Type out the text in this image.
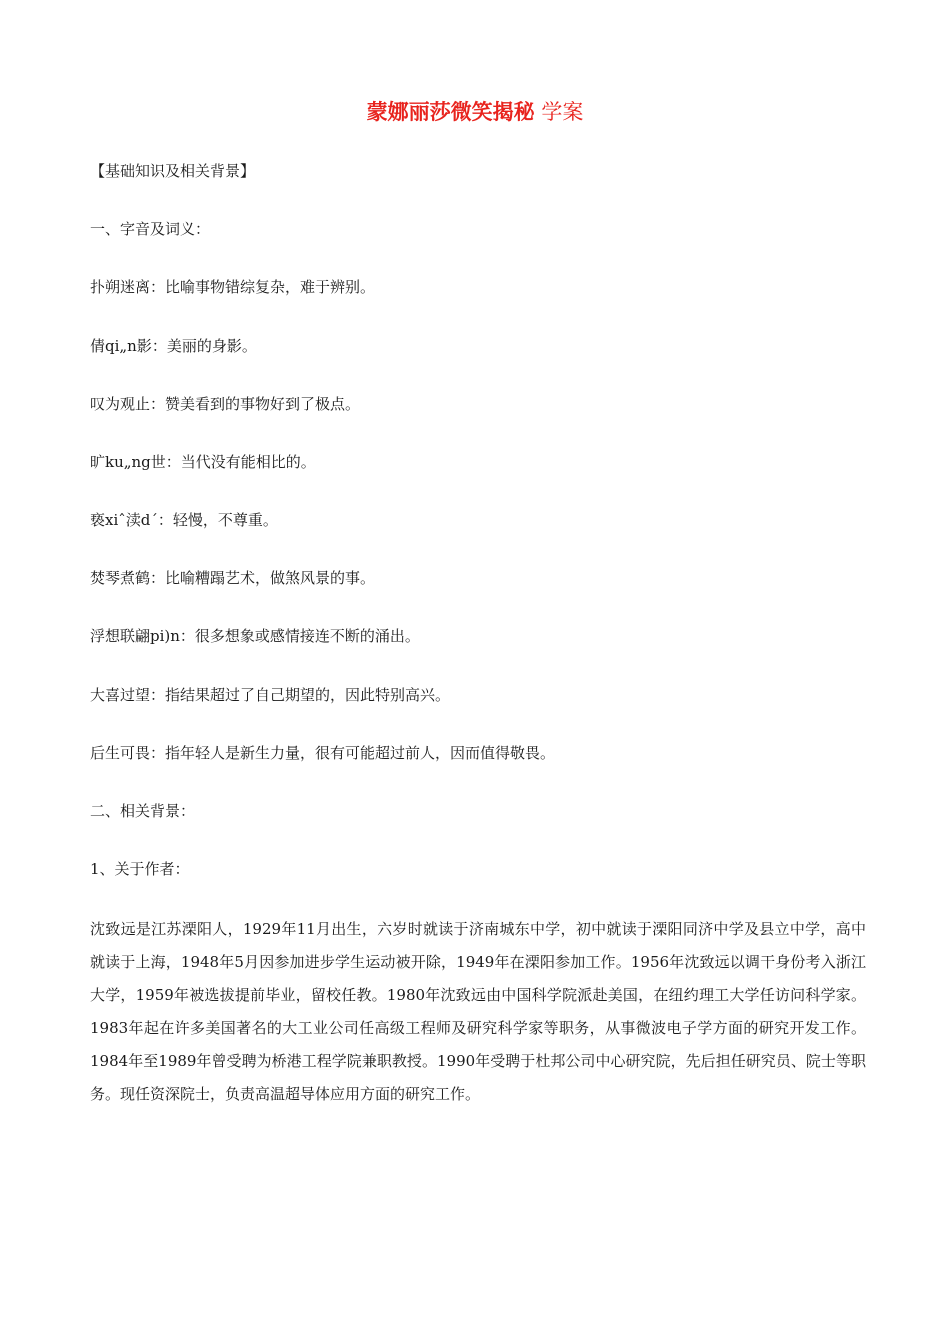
蒙娜丽莎微笑揭秘 学案
【基础知识及相关背景】
一、字音及词义：
扑朔迷离：比喻事物错综复杂，难于辨别。
倩qi„n影：美丽的身影。
叹为观止：赞美看到的事物好到了极点。
旷ku„ng世：当代没有能相比的。
亵xiˆ渎dˊ：轻慢，不尊重。
焚琴煮鹤：比喻糟蹋艺术，做煞风景的事。
浮想联翩pi)n：很多想象或感情接连不断的涌出。
大喜过望：指结果超过了自己期望的，因此特别高兴。
后生可畏：指年轻人是新生力量，很有可能超过前人，因而值得敬畏。
二、相关背景：
1、关于作者：
沈致远是江苏溧阳人，1929年11月出生，六岁时就读于济南城东中学，初中就读于溧阳同济中学及县立中学，高中就读于上海，1948年5月因参加进步学生运动被开除，1949年在溧阳参加工作。1956年沈致远以调干身份考入浙江大学，1959年被选拔提前毕业，留校任教。1980年沈致远由中国科学院派赴美国，在纽约理工大学任访问科学家。1983年起在许多美国著名的大工业公司任高级工程师及研究科学家等职务，从事微波电子学方面的研究开发工作。1984年至1989年曾受聘为桥港工程学院兼职教授。1990年受聘于杜邦公司中心研究院，先后担任研究员、院士等职务。现任资深院士，负责高温超导体应用方面的研究工作。
